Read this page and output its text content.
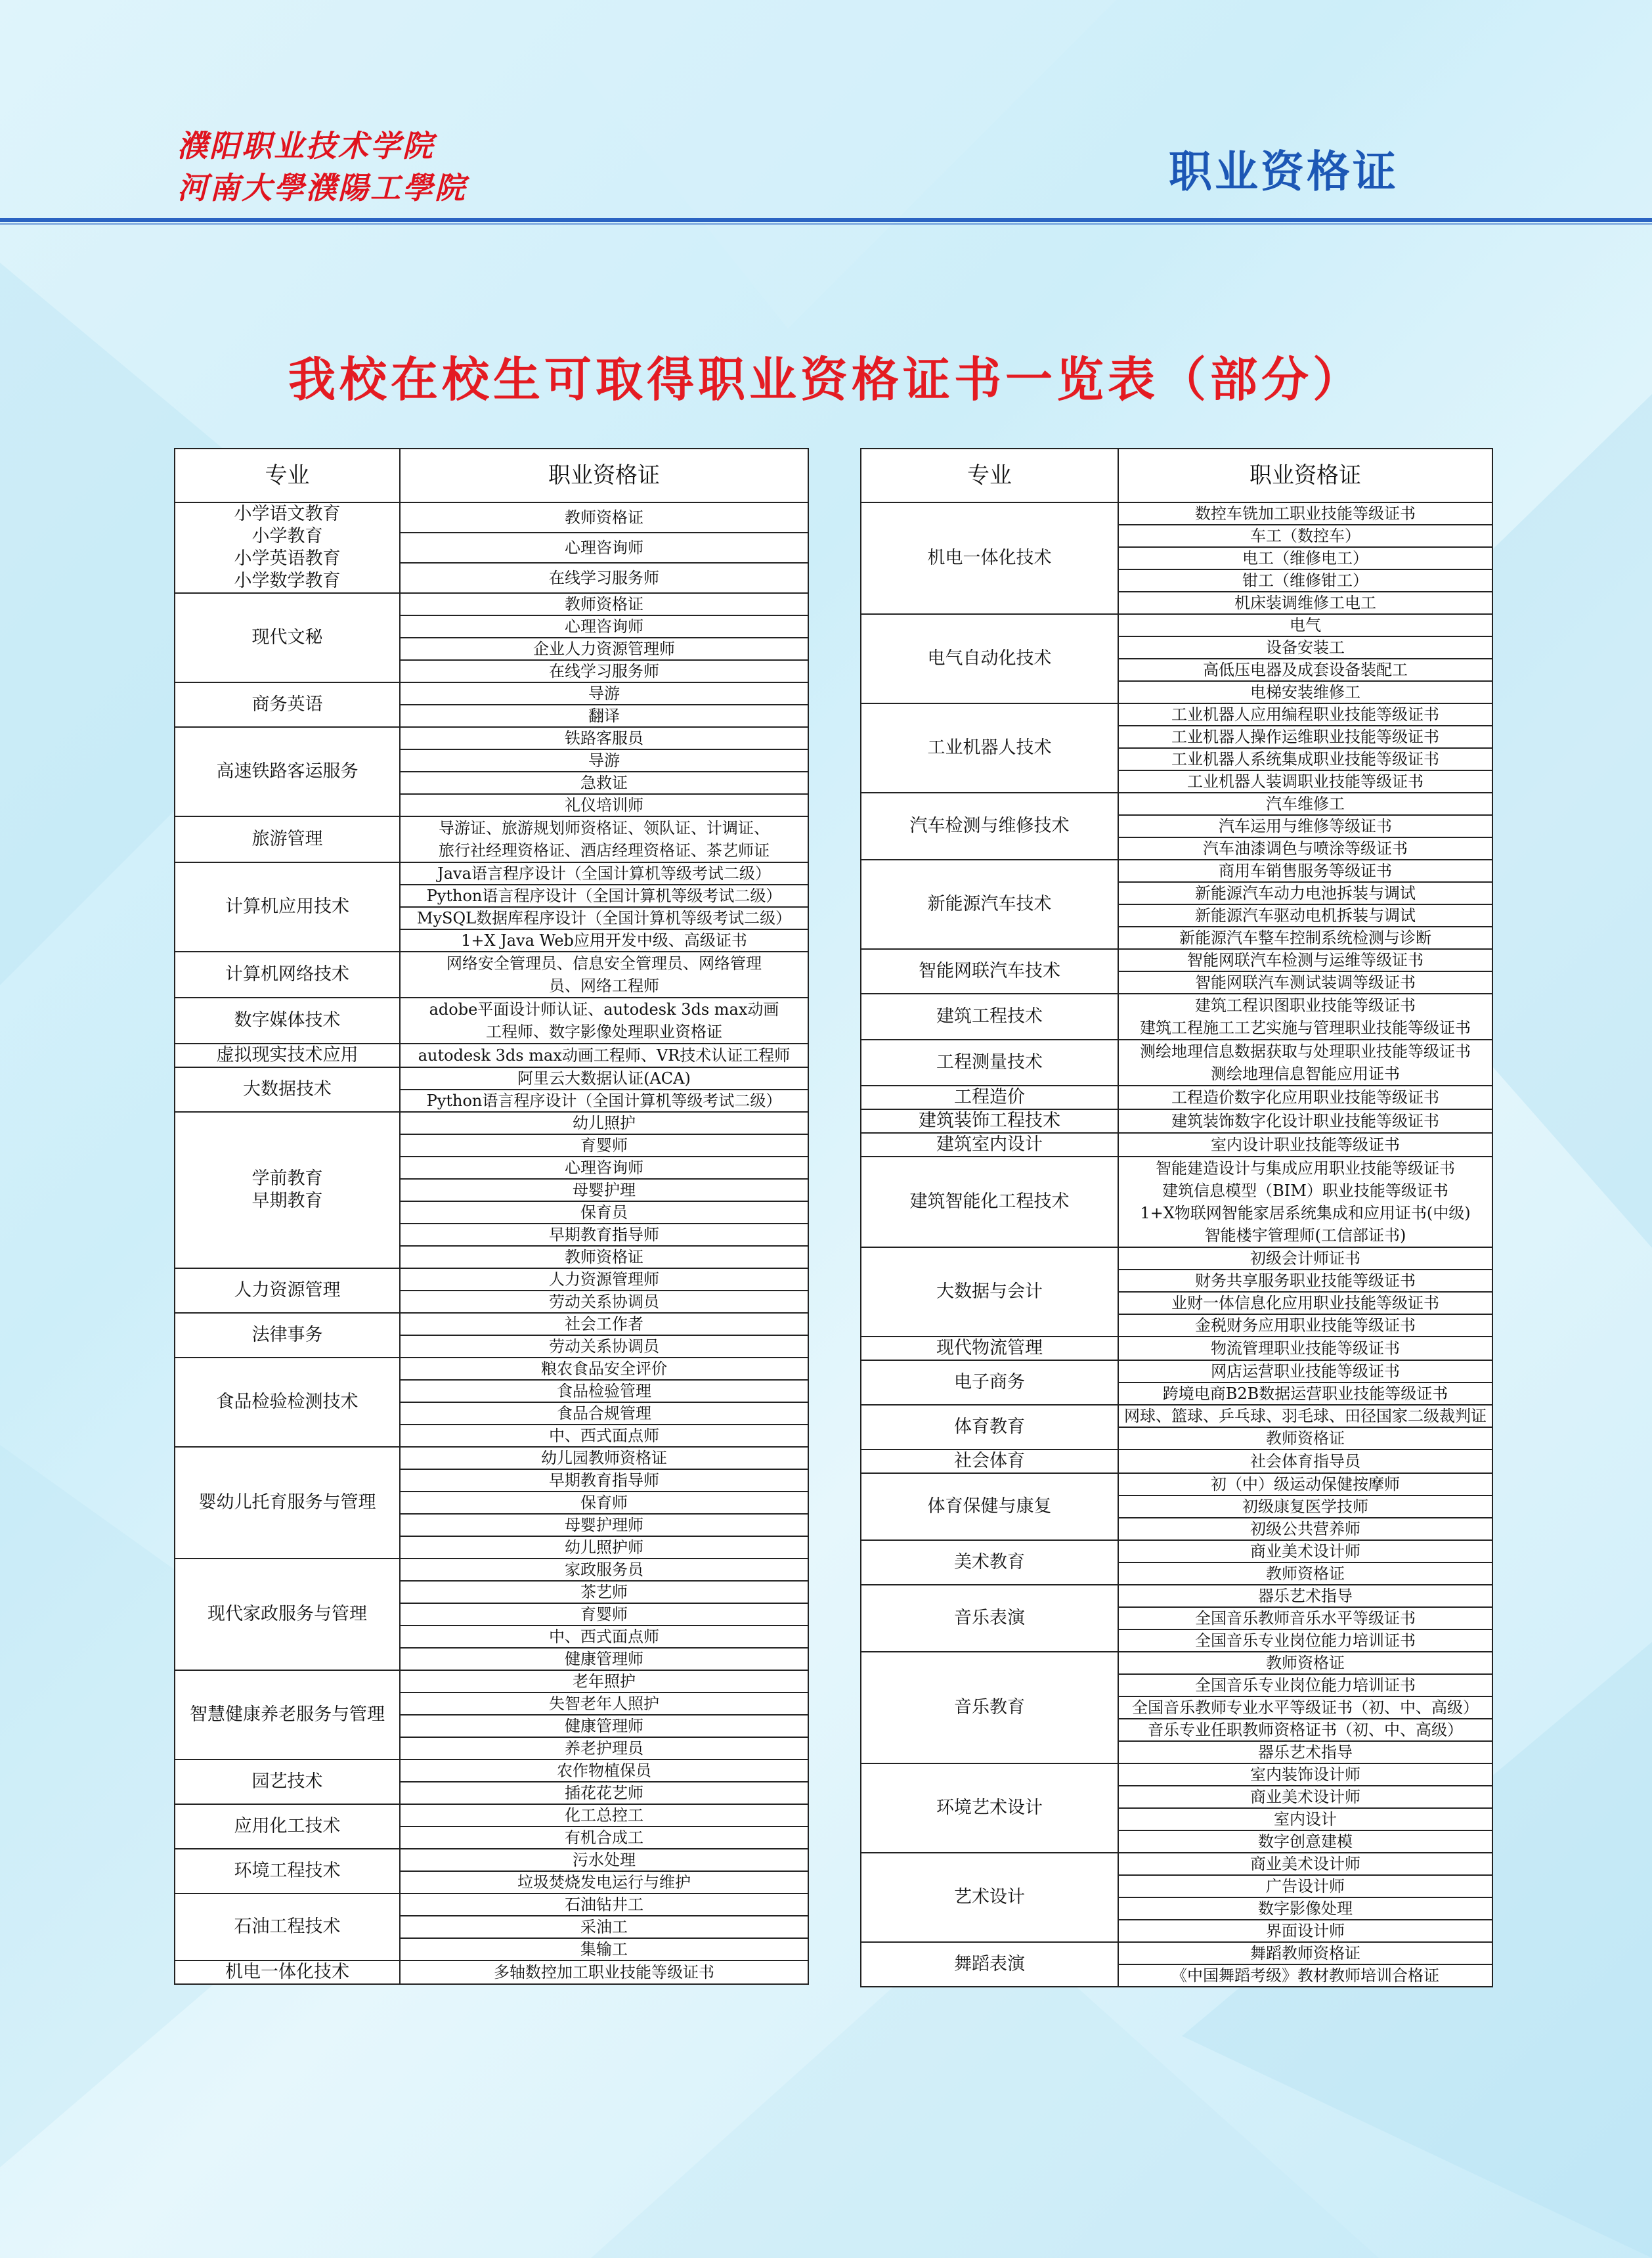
濮阳职业技术学院
河南大學濮陽工學院	职业资格证
我校在校生可取得职业资格证书一览表（部分）
专业	职业资格证
小学语文教育
小学教育
小学英语教育
小学数学教育	教师资格证
	心理咨询师
	在线学习服务师
现代文秘	教师资格证
	心理咨询师
	企业人力资源管理师
	在线学习服务师
商务英语	导游
	翻译
高速铁路客运服务	铁路客服员
	导游
	急救证
	礼仪培训师
旅游管理	导游证、旅游规划师资格证、领队证、计调证、
旅行社经理资格证、酒店经理资格证、茶艺师证
计算机应用技术	Java语言程序设计（全国计算机等级考试二级）
	Python语言程序设计（全国计算机等级考试二级）
	MySQL数据库程序设计（全国计算机等级考试二级）
	1+X Java Web应用开发中级、高级证书
计算机网络技术	网络安全管理员、信息安全管理员、网络管理
员、网络工程师
数字媒体技术	adobe平面设计师认证、autodesk 3ds max动画
工程师、数字影像处理职业资格证
虚拟现实技术应用	autodesk 3ds max动画工程师、VR技术认证工程师
大数据技术	阿里云大数据认证(ACA)
	Python语言程序设计（全国计算机等级考试二级）
学前教育
早期教育	幼儿照护
	育婴师
	心理咨询师
	母婴护理
	保育员
	早期教育指导师
	教师资格证
人力资源管理	人力资源管理师
	劳动关系协调员
法律事务	社会工作者
	劳动关系协调员
食品检验检测技术	粮农食品安全评价
	食品检验管理
	食品合规管理
	中、西式面点师
婴幼儿托育服务与管理	幼儿园教师资格证
	早期教育指导师
	保育师
	母婴护理师
	幼儿照护师
现代家政服务与管理	家政服务员
	茶艺师
	育婴师
	中、西式面点师
	健康管理师
智慧健康养老服务与管理	老年照护
	失智老年人照护
	健康管理师
	养老护理员
园艺技术	农作物植保员
	插花花艺师
应用化工技术	化工总控工
	有机合成工
环境工程技术	污水处理
	垃圾焚烧发电运行与维护
石油工程技术	石油钻井工
	采油工
	集输工
机电一体化技术	多轴数控加工职业技能等级证书
专业	职业资格证
机电一体化技术	数控车铣加工职业技能等级证书
	车工（数控车）
	电工（维修电工）
	钳工（维修钳工）
	机床装调维修工电工
电气自动化技术	电气
	设备安装工
	高低压电器及成套设备装配工
	电梯安装维修工
工业机器人技术	工业机器人应用编程职业技能等级证书
	工业机器人操作运维职业技能等级证书
	工业机器人系统集成职业技能等级证书
	工业机器人装调职业技能等级证书
汽车检测与维修技术	汽车维修工
	汽车运用与维修等级证书
	汽车油漆调色与喷涂等级证书
新能源汽车技术	商用车销售服务等级证书
	新能源汽车动力电池拆装与调试
	新能源汽车驱动电机拆装与调试
	新能源汽车整车控制系统检测与诊断
智能网联汽车技术	智能网联汽车检测与运维等级证书
	智能网联汽车测试装调等级证书
建筑工程技术	建筑工程识图职业技能等级证书
建筑工程施工工艺实施与管理职业技能等级证书
工程测量技术	测绘地理信息数据获取与处理职业技能等级证书
测绘地理信息智能应用证书
工程造价	工程造价数字化应用职业技能等级证书
建筑装饰工程技术	建筑装饰数字化设计职业技能等级证书
建筑室内设计	室内设计职业技能等级证书
建筑智能化工程技术	智能建造设计与集成应用职业技能等级证书
建筑信息模型（BIM）职业技能等级证书
1+X物联网智能家居系统集成和应用证书(中级)
智能楼宇管理师(工信部证书)
大数据与会计	初级会计师证书
	财务共享服务职业技能等级证书
	业财一体信息化应用职业技能等级证书
	金税财务应用职业技能等级证书
现代物流管理	物流管理职业技能等级证书
电子商务	网店运营职业技能等级证书
	跨境电商B2B数据运营职业技能等级证书
体育教育	网球、篮球、乒乓球、羽毛球、田径国家二级裁判证
	教师资格证
社会体育	社会体育指导员
体育保健与康复	初（中）级运动保健按摩师
	初级康复医学技师
	初级公共营养师
美术教育	商业美术设计师
	教师资格证
音乐表演	器乐艺术指导
	全国音乐教师音乐水平等级证书
	全国音乐专业岗位能力培训证书
音乐教育	教师资格证
	全国音乐专业岗位能力培训证书
	全国音乐教师专业水平等级证书（初、中、高级）
	音乐专业任职教师资格证书（初、中、高级）
	器乐艺术指导
环境艺术设计	室内装饰设计师
	商业美术设计师
	室内设计
	数字创意建模
艺术设计	商业美术设计师
	广告设计师
	数字影像处理
	界面设计师
舞蹈表演	舞蹈教师资格证
	《中国舞蹈考级》教材教师培训合格证
